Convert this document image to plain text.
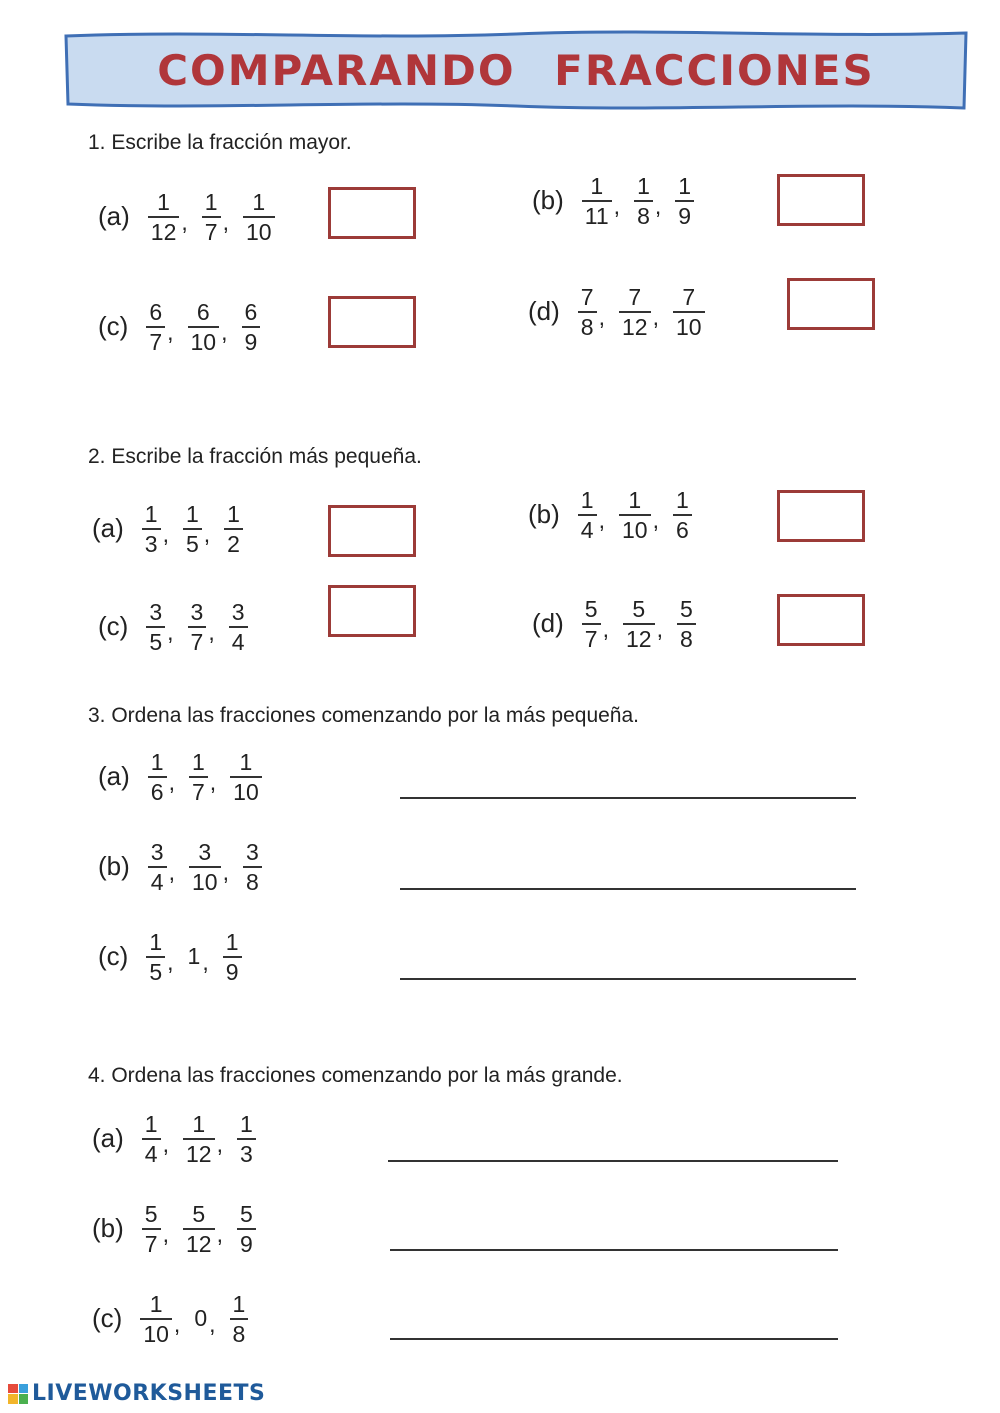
COMPARANDO FRACCIONES
1. Escribe la fracción mayor.
$(a) \frac{1}{12}$ , $\frac{1}{7}$ , $\frac{1}{10}$	$(b) \frac{1}{11}$ , $\frac{1}{8}$ , $\frac{1}{9}$
$(c) \frac{6}{7}$ , $\frac{6}{10}$ , $\frac{6}{9}$	$(d) \frac{7}{8}$ , $\frac{7}{12}$ , $\frac{7}{10}$
2. Escribe la fracción más pequeña.
$(a) \frac{1}{3}$ , $\frac{1}{5}$ , $\frac{1}{2}$	$(b) \frac{1}{4}$ , $\frac{1}{10}$ , $\frac{1}{6}$
$(c) \frac{3}{5}$ , $\frac{3}{7}$ , $\frac{3}{4}$	$(d) \frac{5}{7}$ , $\frac{5}{12}$ , $\frac{5}{8}$
3. Ordena las fracciones comenzando por la más pequeña.
$(a) \frac{1}{6}$ , $\frac{1}{7}$ , $\frac{1}{10}$
$(b) \frac{3}{4}$ , $\frac{3}{10}$ , $\frac{3}{8}$
$(c) \frac{1}{5}$ , 1 , $\frac{1}{9}$
4. Ordena las fracciones comenzando por la más grande.
$(a) \frac{1}{4}$ , $\frac{1}{12}$ , $\frac{1}{3}$
$(b) \frac{5}{7}$ , $\frac{5}{12}$ , $\frac{5}{9}$
$(c) \frac{1}{10}$ , 0 , $\frac{1}{8}$
LIVEWORKSHEETS
